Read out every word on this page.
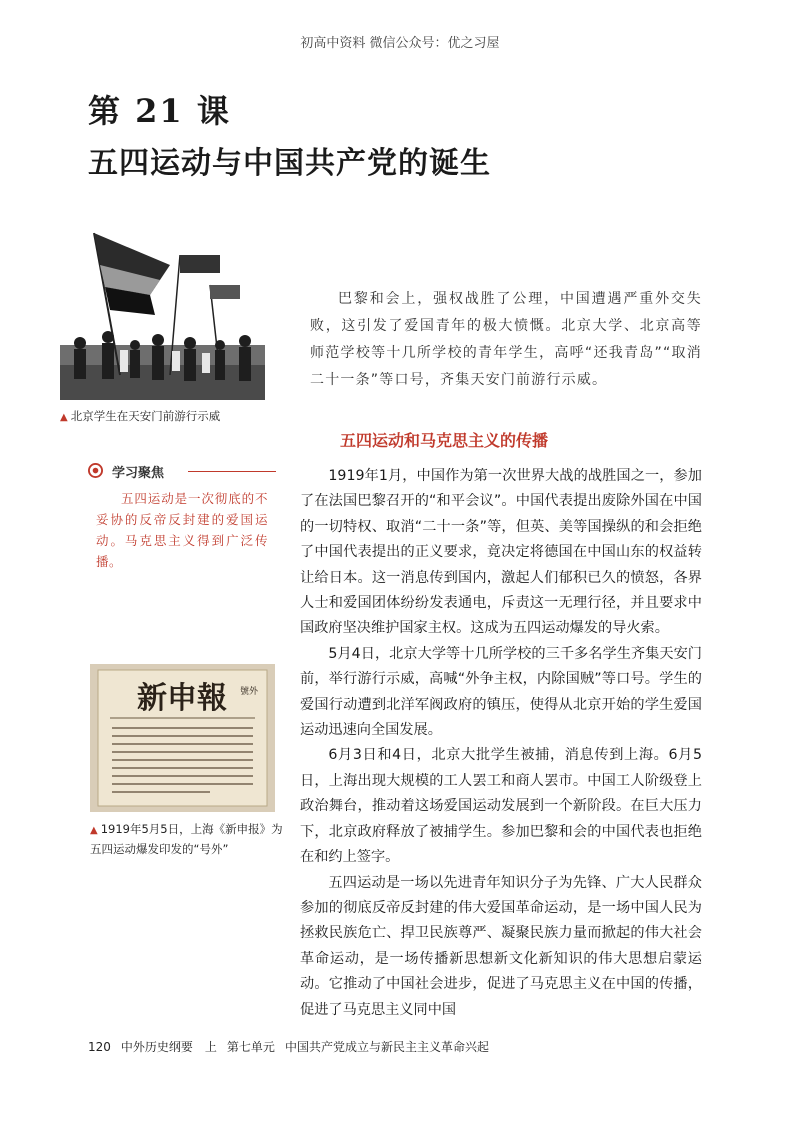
初高中资料 微信公众号：优之习屋
第 21 课
五四运动与中国共产党的诞生
▲ 北京学生在天安门前游行示威

巴黎和会上，强权战胜了公理，中国遭遇严重外交失败，这引发了爱国青年的极大愤慨。北京大学、北京高等师范学校等十几所学校的青年学生，高呼“还我青岛”“取消二十一条”等口号，齐集天安门前游行示威。

五四运动和马克思主义的传播
学习聚焦

五四运动是一次彻底的不妥协的反帝反封建的爱国运动。马克思主义得到广泛传播。

新申報 號外
▲ 1919年5月5日，上海《新申报》为五四运动爆发印发的“号外”

1919年1月，中国作为第一次世界大战的战胜国之一，参加了在法国巴黎召开的“和平会议”。中国代表提出废除外国在中国的一切特权、取消“二十一条”等，但英、美等国操纵的和会拒绝了中国代表提出的正义要求，竟决定将德国在中国山东的权益转让给日本。这一消息传到国内，激起人们郁积已久的愤怒，各界人士和爱国团体纷纷发表通电，斥责这一无理行径，并且要求中国政府坚决维护国家主权。这成为五四运动爆发的导火索。

5月4日，北京大学等十几所学校的三千多名学生齐集天安门前，举行游行示威，高喊“外争主权，内除国贼”等口号。学生的爱国行动遭到北洋军阀政府的镇压，使得从北京开始的学生爱国运动迅速向全国发展。

6月3日和4日，北京大批学生被捕，消息传到上海。6月5日，上海出现大规模的工人罢工和商人罢市。中国工人阶级登上政治舞台，推动着这场爱国运动发展到一个新阶段。在巨大压力下，北京政府释放了被捕学生。参加巴黎和会的中国代表也拒绝在和约上签字。

五四运动是一场以先进青年知识分子为先锋、广大人民群众参加的彻底反帝反封建的伟大爱国革命运动，是一场中国人民为拯救民族危亡、捍卫民族尊严、凝聚民族力量而掀起的伟大社会革命运动，是一场传播新思想新文化新知识的伟大思想启蒙运动。它推动了中国社会进步，促进了马克思主义在中国的传播，促进了马克思主义同中国

120 中外历史纲要　上 第七单元 中国共产党成立与新民主主义革命兴起
